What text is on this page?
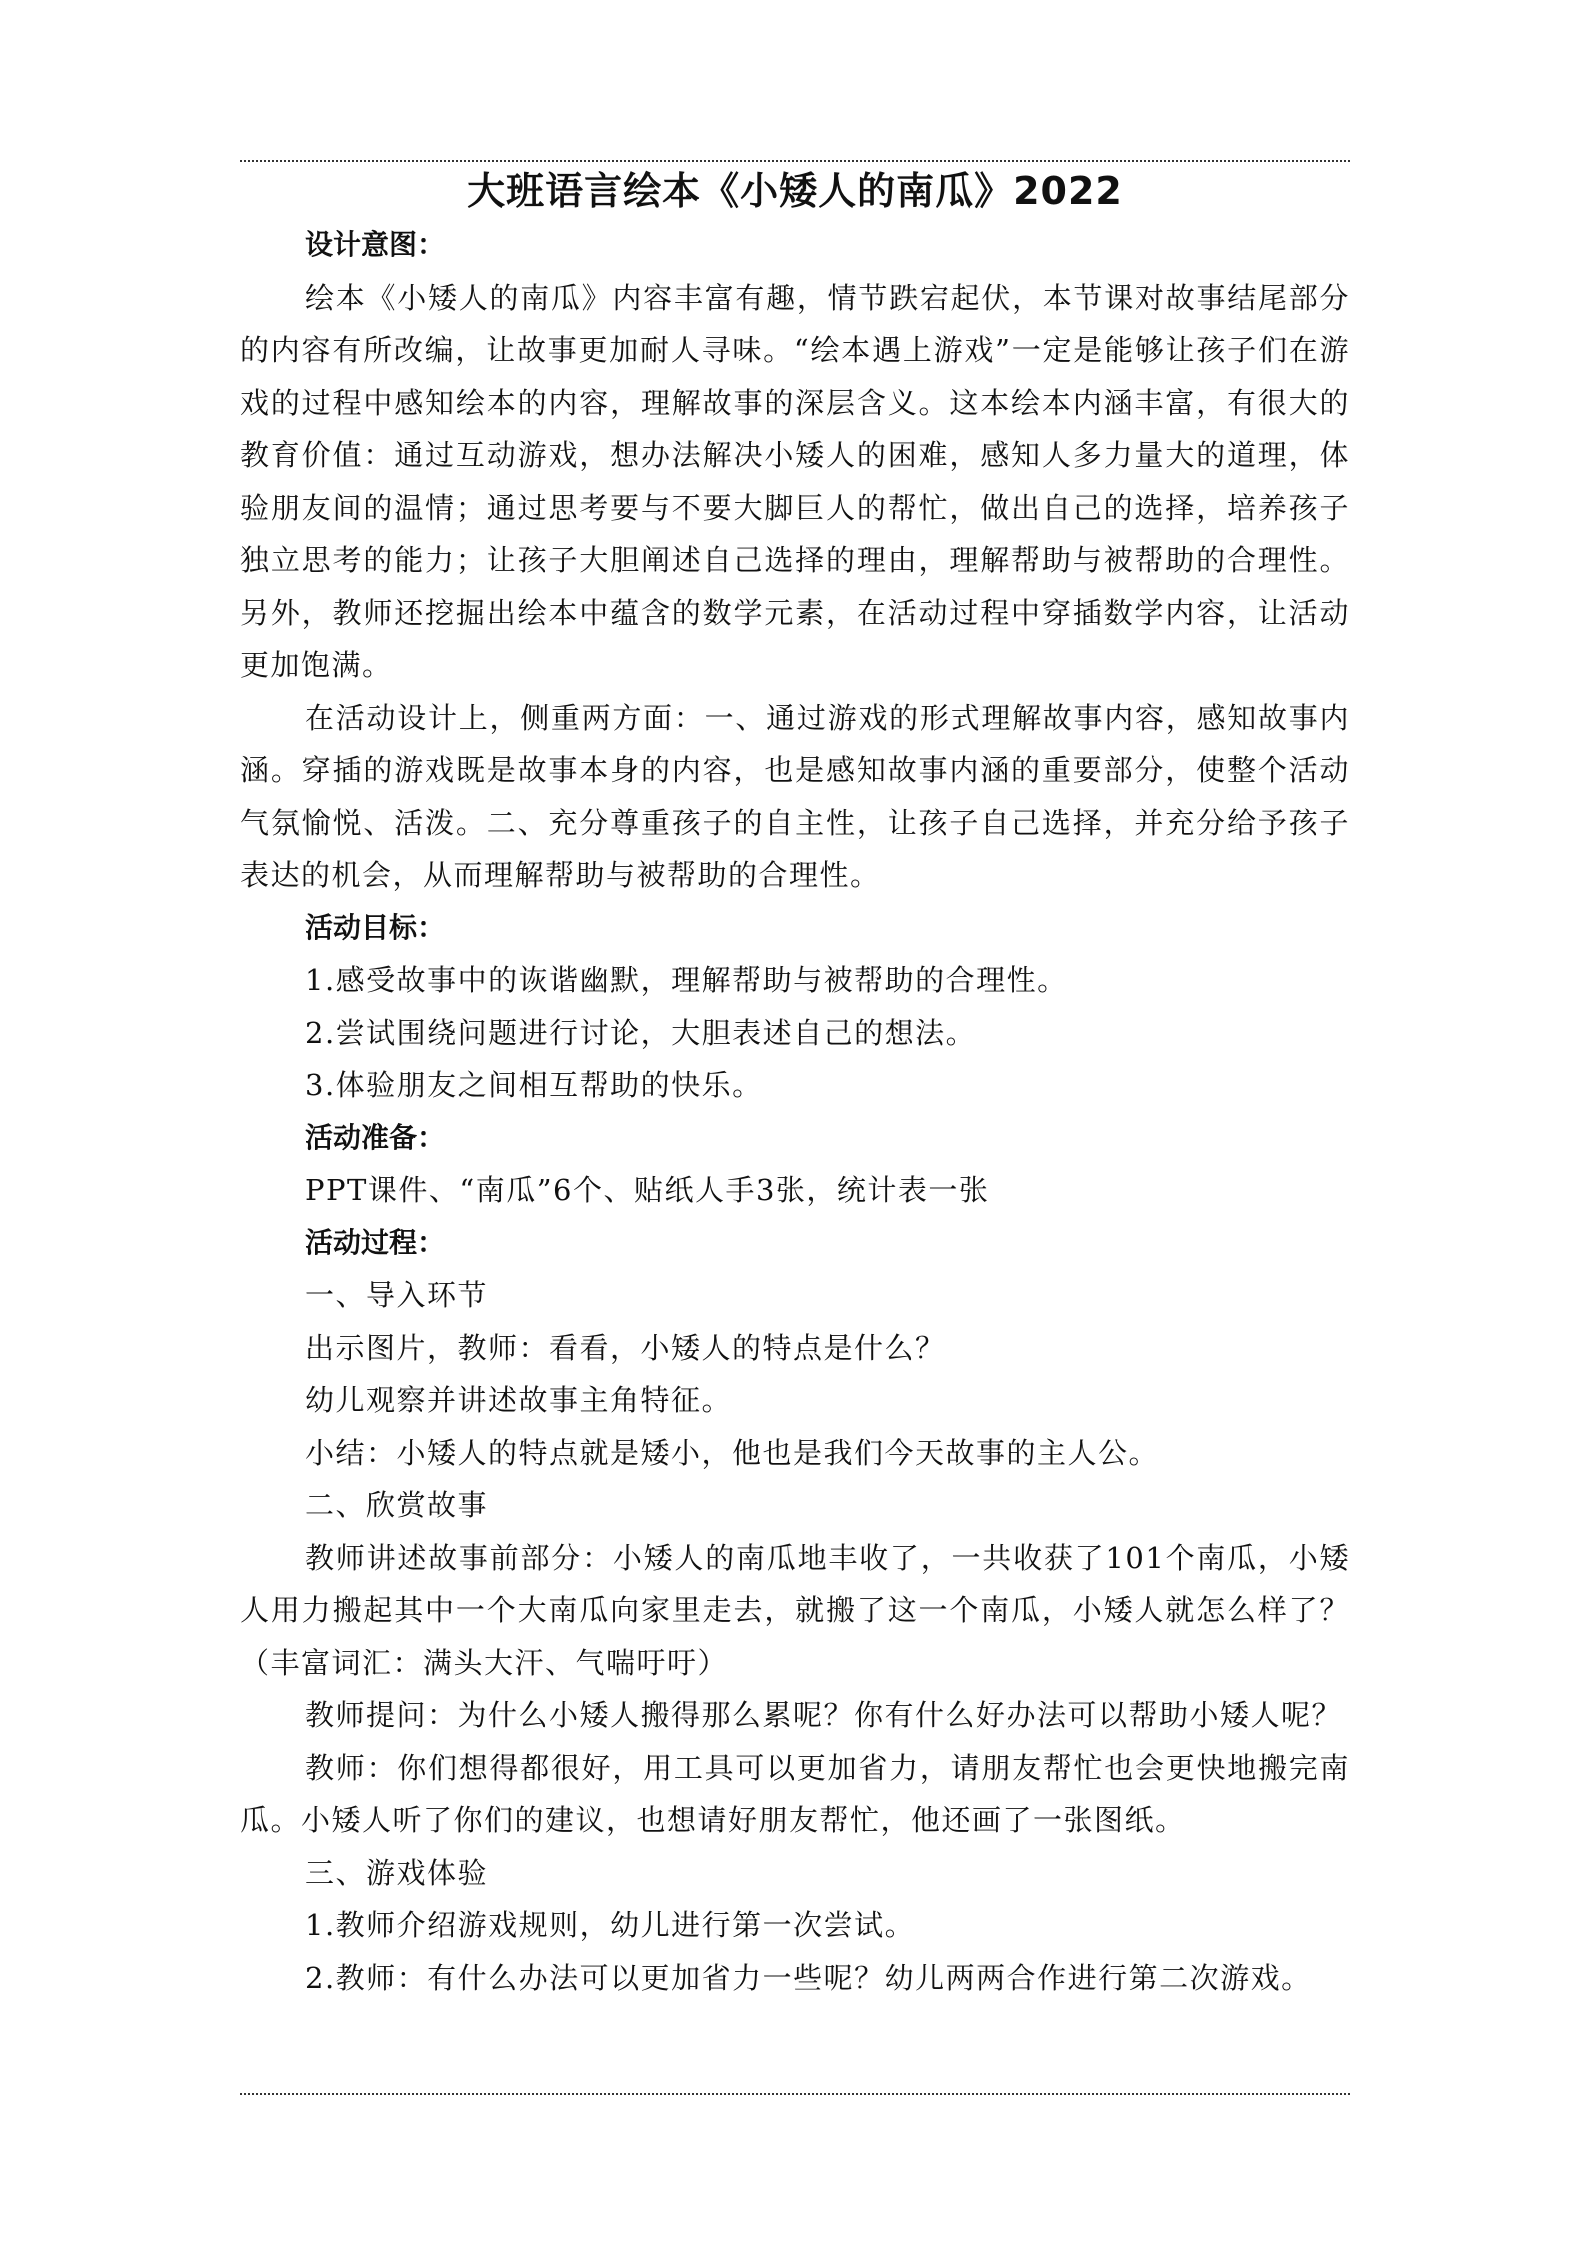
大班语言绘本《小矮人的南瓜》2022

设计意图：

绘本《小矮人的南瓜》内容丰富有趣，情节跌宕起伏，本节课对故事结尾部分的内容有所改编，让故事更加耐人寻味。“绘本遇上游戏”一定是能够让孩子们在游戏的过程中感知绘本的内容，理解故事的深层含义。这本绘本内涵丰富，有很大的教育价值：通过互动游戏，想办法解决小矮人的困难，感知人多力量大的道理，体验朋友间的温情；通过思考要与不要大脚巨人的帮忙，做出自己的选择，培养孩子独立思考的能力；让孩子大胆阐述自己选择的理由，理解帮助与被帮助的合理性。另外，教师还挖掘出绘本中蕴含的数学元素，在活动过程中穿插数学内容，让活动更加饱满。

在活动设计上，侧重两方面：一、通过游戏的形式理解故事内容，感知故事内涵。穿插的游戏既是故事本身的内容，也是感知故事内涵的重要部分，使整个活动气氛愉悦、活泼。二、充分尊重孩子的自主性，让孩子自己选择，并充分给予孩子表达的机会，从而理解帮助与被帮助的合理性。

活动目标：

1.感受故事中的诙谐幽默，理解帮助与被帮助的合理性。

2.尝试围绕问题进行讨论，大胆表述自己的想法。

3.体验朋友之间相互帮助的快乐。

活动准备：

PPT课件、“南瓜”6个、贴纸人手3张，统计表一张

活动过程：

一、导入环节

出示图片，教师：看看，小矮人的特点是什么？

幼儿观察并讲述故事主角特征。

小结：小矮人的特点就是矮小，他也是我们今天故事的主人公。

二、欣赏故事

教师讲述故事前部分：小矮人的南瓜地丰收了，一共收获了101个南瓜，小矮人用力搬起其中一个大南瓜向家里走去，就搬了这一个南瓜，小矮人就怎么样了？（丰富词汇：满头大汗、气喘吁吁）

教师提问：为什么小矮人搬得那么累呢？你有什么好办法可以帮助小矮人呢？

教师：你们想得都很好，用工具可以更加省力，请朋友帮忙也会更快地搬完南瓜。小矮人听了你们的建议，也想请好朋友帮忙，他还画了一张图纸。

三、游戏体验

1.教师介绍游戏规则，幼儿进行第一次尝试。

2.教师：有什么办法可以更加省力一些呢？幼儿两两合作进行第二次游戏。
